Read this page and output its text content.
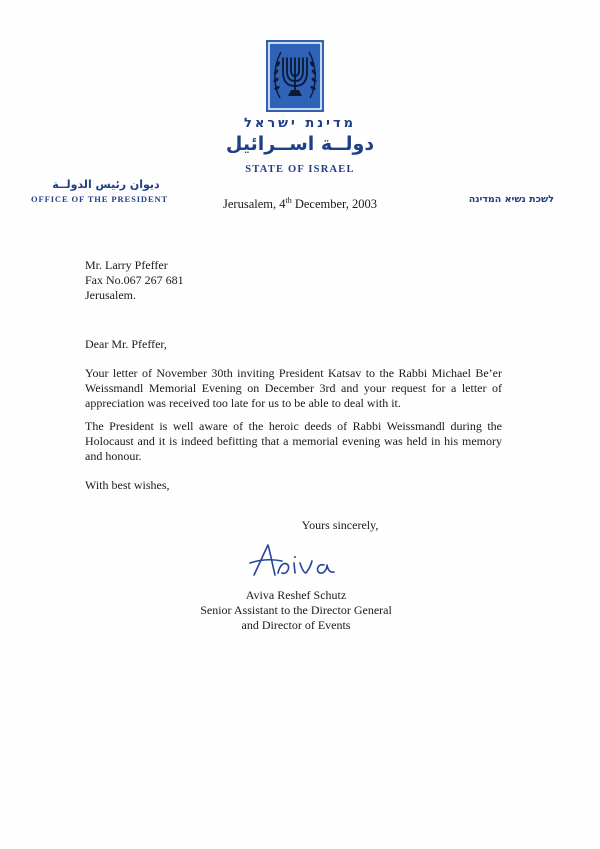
מדינת ישראל
دولــة اســرائيل
STATE OF ISRAEL
ديوان رئيس الدولــة
OFFICE OF THE PRESIDENT	לשכת נשיא המדינה
Jerusalem, 4th December, 2003
Mr. Larry Pfeffer
Fax No.067 267 681
Jerusalem.
Dear Mr. Pfeffer,

Your letter of November 30th inviting President Katsav to the Rabbi Michael Be’er Weissmandl Memorial Evening on December 3rd and your request for a letter of appreciation was received too late for us to be able to deal with it.

The President is well aware of the heroic deeds of Rabbi Weissmandl during the Holocaust and it is indeed befitting that a memorial evening was held in his memory and honour.

With best wishes,
Yours sincerely,
Aviva Reshef Schutz
Senior Assistant to the Director General
and Director of Events
